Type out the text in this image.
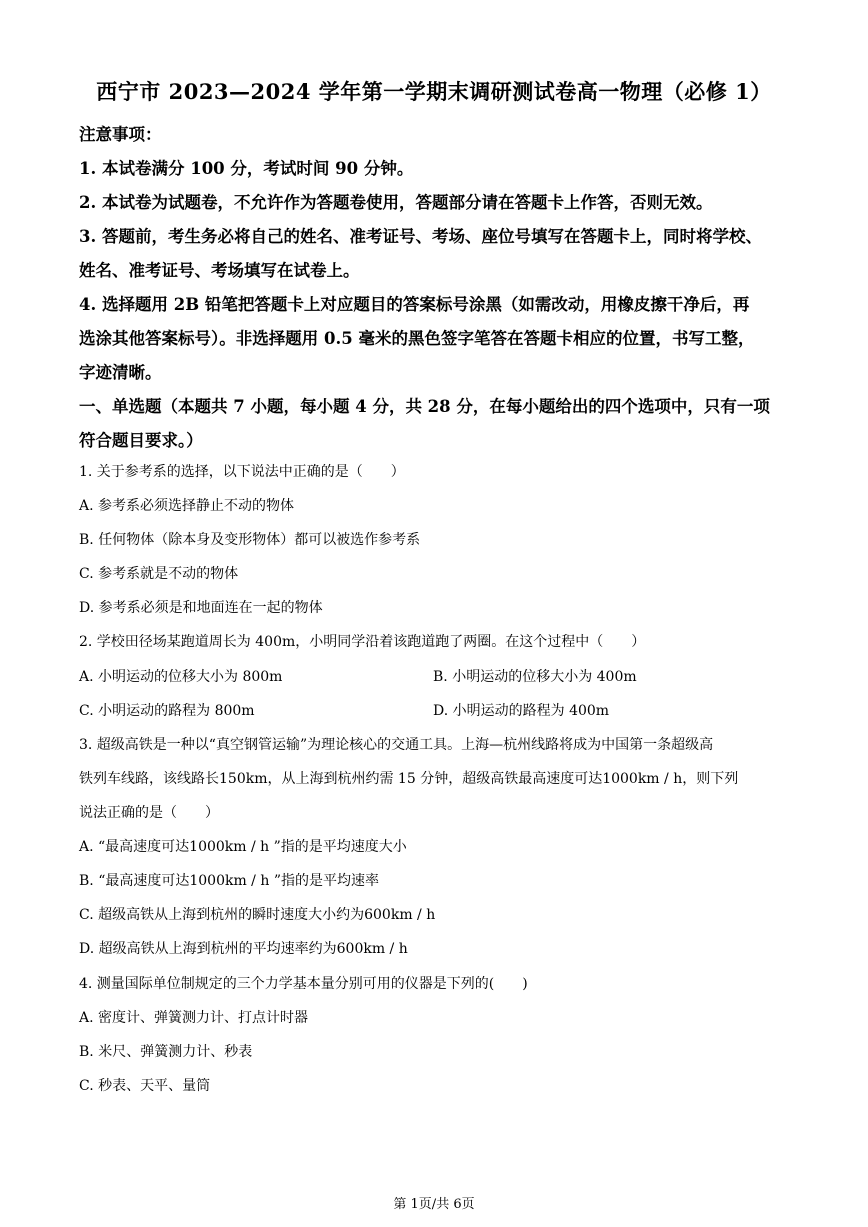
西宁市 2023—2024 学年第一学期末调研测试卷高一物理（必修 1）
注意事项：
1. 本试卷满分 100 分，考试时间 90 分钟。
2. 本试卷为试题卷，不允许作为答题卷使用，答题部分请在答题卡上作答，否则无效。
3. 答题前，考生务必将自己的姓名、准考证号、考场、座位号填写在答题卡上，同时将学校、
姓名、准考证号、考场填写在试卷上。
4. 选择题用 2B 铅笔把答题卡上对应题目的答案标号涂黑（如需改动，用橡皮擦干净后，再
选涂其他答案标号）。非选择题用 0.5 毫米的黑色签字笔答在答题卡相应的位置，书写工整，
字迹清晰。
一、单选题（本题共 7 小题，每小题 4 分，共 28 分，在每小题给出的四个选项中，只有一项
符合题目要求。）
1. 关于参考系的选择，以下说法中正确的是（　　）
A. 参考系必须选择静止不动的物体
B. 任何物体（除本身及变形物体）都可以被选作参考系
C. 参考系就是不动的物体
D. 参考系必须是和地面连在一起的物体
2. 学校田径场某跑道周长为 400m，小明同学沿着该跑道跑了两圈。在这个过程中（　　）
A. 小明运动的位移大小为 800m	B. 小明运动的位移大小为 400m
C. 小明运动的路程为 800m	D. 小明运动的路程为 400m
3. 超级高铁是一种以“真空钢管运输”为理论核心的交通工具。上海—杭州线路将成为中国第一条超级高
铁列车线路，该线路长150km，从上海到杭州约需 15 分钟，超级高铁最高速度可达1000km / h，则下列
说法正确的是（　　）
A. “最高速度可达1000km / h ”指的是平均速度大小
B. “最高速度可达1000km / h ”指的是平均速率
C. 超级高铁从上海到杭州的瞬时速度大小约为600km / h
D. 超级高铁从上海到杭州的平均速率约为600km / h
4. 测量国际单位制规定的三个力学基本量分别可用的仪器是下列的(　　)
A. 密度计、弹簧测力计、打点计时器
B. 米尺、弹簧测力计、秒表
C. 秒表、天平、量筒
第 1页/共 6页
